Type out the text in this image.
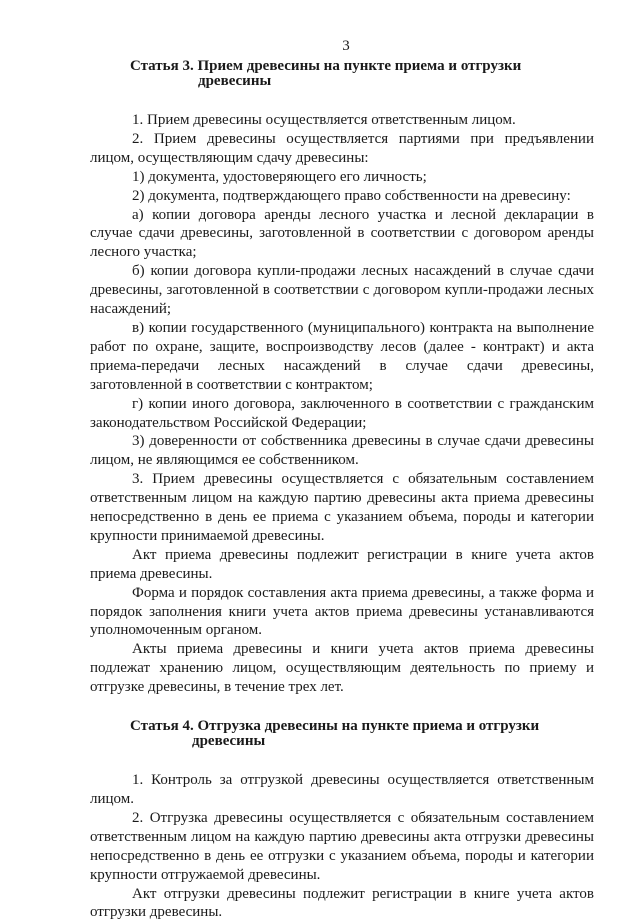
3
Статья 3. Прием древесины на пункте приема и отгрузки
древесины

1. Прием древесины осуществляется ответственным лицом.

2. Прием древесины осуществляется партиями при предъявлении лицом, осуществляющим сдачу древесины:

1) документа, удостоверяющего его личность;

2) документа, подтверждающего право собственности на древесину:

а) копии договора аренды лесного участка и лесной декларации в случае сдачи древесины, заготовленной в соответствии с договором аренды лесного участка;

б) копии договора купли-продажи лесных насаждений в случае сдачи древесины, заготовленной в соответствии с договором купли-продажи лесных насаждений;

в) копии государственного (муниципального) контракта на выполнение работ по охране, защите, воспроизводству лесов (далее - контракт) и акта приема-передачи лесных насаждений в случае сдачи древесины, заготовленной в соответствии с контрактом;

г) копии иного договора, заключенного в соответствии с гражданским законодательством Российской Федерации;

3) доверенности от собственника древесины в случае сдачи древесины лицом, не являющимся ее собственником.

3. Прием древесины осуществляется с обязательным составлением ответственным лицом на каждую партию древесины акта приема древесины непосредственно в день ее приема с указанием объема, породы и категории крупности принимаемой древесины.

Акт приема древесины подлежит регистрации в книге учета актов приема древесины.

Форма и порядок составления акта приема древесины, а также форма и порядок заполнения книги учета актов приема древесины устанавливаются уполномоченным органом.

Акты приема древесины и книги учета актов приема древесины подлежат хранению лицом, осуществляющим деятельность по приему и отгрузке древесины, в течение трех лет.

Статья 4. Отгрузка древесины на пункте приема и отгрузки
древесины

1. Контроль за отгрузкой древесины осуществляется ответственным лицом.

2. Отгрузка древесины осуществляется с обязательным составлением ответственным лицом на каждую партию древесины акта отгрузки древесины непосредственно в день ее отгрузки с указанием объема, породы и категории крупности отгружаемой древесины.

Акт отгрузки древесины подлежит регистрации в книге учета актов отгрузки древесины.
